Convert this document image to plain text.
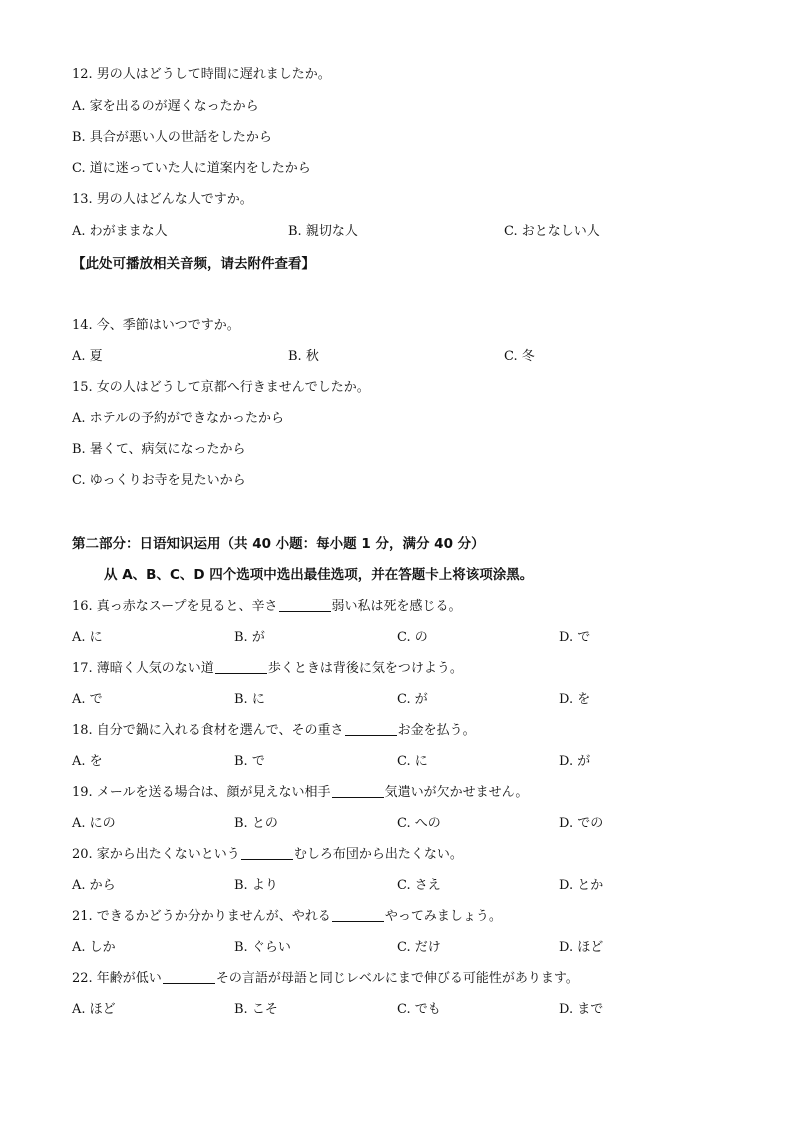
12. 男の人はどうして時間に遅れましたか。
A. 家を出るのが遅くなったから
B. 具合が悪い人の世話をしたから
C. 道に迷っていた人に道案内をしたから
13. 男の人はどんな人ですか。
A. わがままな人	B. 親切な人	C. おとなしい人
【此处可播放相关音频，请去附件查看】
14. 今、季節はいつですか。
A. 夏	B. 秋	C. 冬
15. 女の人はどうして京都へ行きませんでしたか。
A. ホテルの予約ができなかったから
B. 暑くて、病気になったから
C. ゆっくりお寺を見たいから
第二部分：日语知识运用（共 40 小题：每小题 1 分，满分 40 分）
从 A、B、C、D 四个选项中选出最佳选项，并在答题卡上将该项涂黑。
16. 真っ赤なスープを見ると、辛さ	弱い私は死を感じる。
A. に	B. が	C. の	D. で
17. 薄暗く人気のない道	歩くときは背後に気をつけよう。
A. で	B. に	C. が	D. を
18. 自分で鍋に入れる食材を選んで、その重さ	お金を払う。
A. を	B. で	C. に	D. が
19. メールを送る場合は、顔が見えない相手	気遣いが欠かせません。
A. にの	B. との	C. への	D. での
20. 家から出たくないという	むしろ布団から出たくない。
A. から	B. より	C. さえ	D. とか
21. できるかどうか分かりませんが、やれる	やってみましょう。
A. しか	B. ぐらい	C. だけ	D. ほど
22. 年齢が低い	その言語が母語と同じレベルにまで伸びる可能性があります。
A. ほど	B. こそ	C. でも	D. まで
